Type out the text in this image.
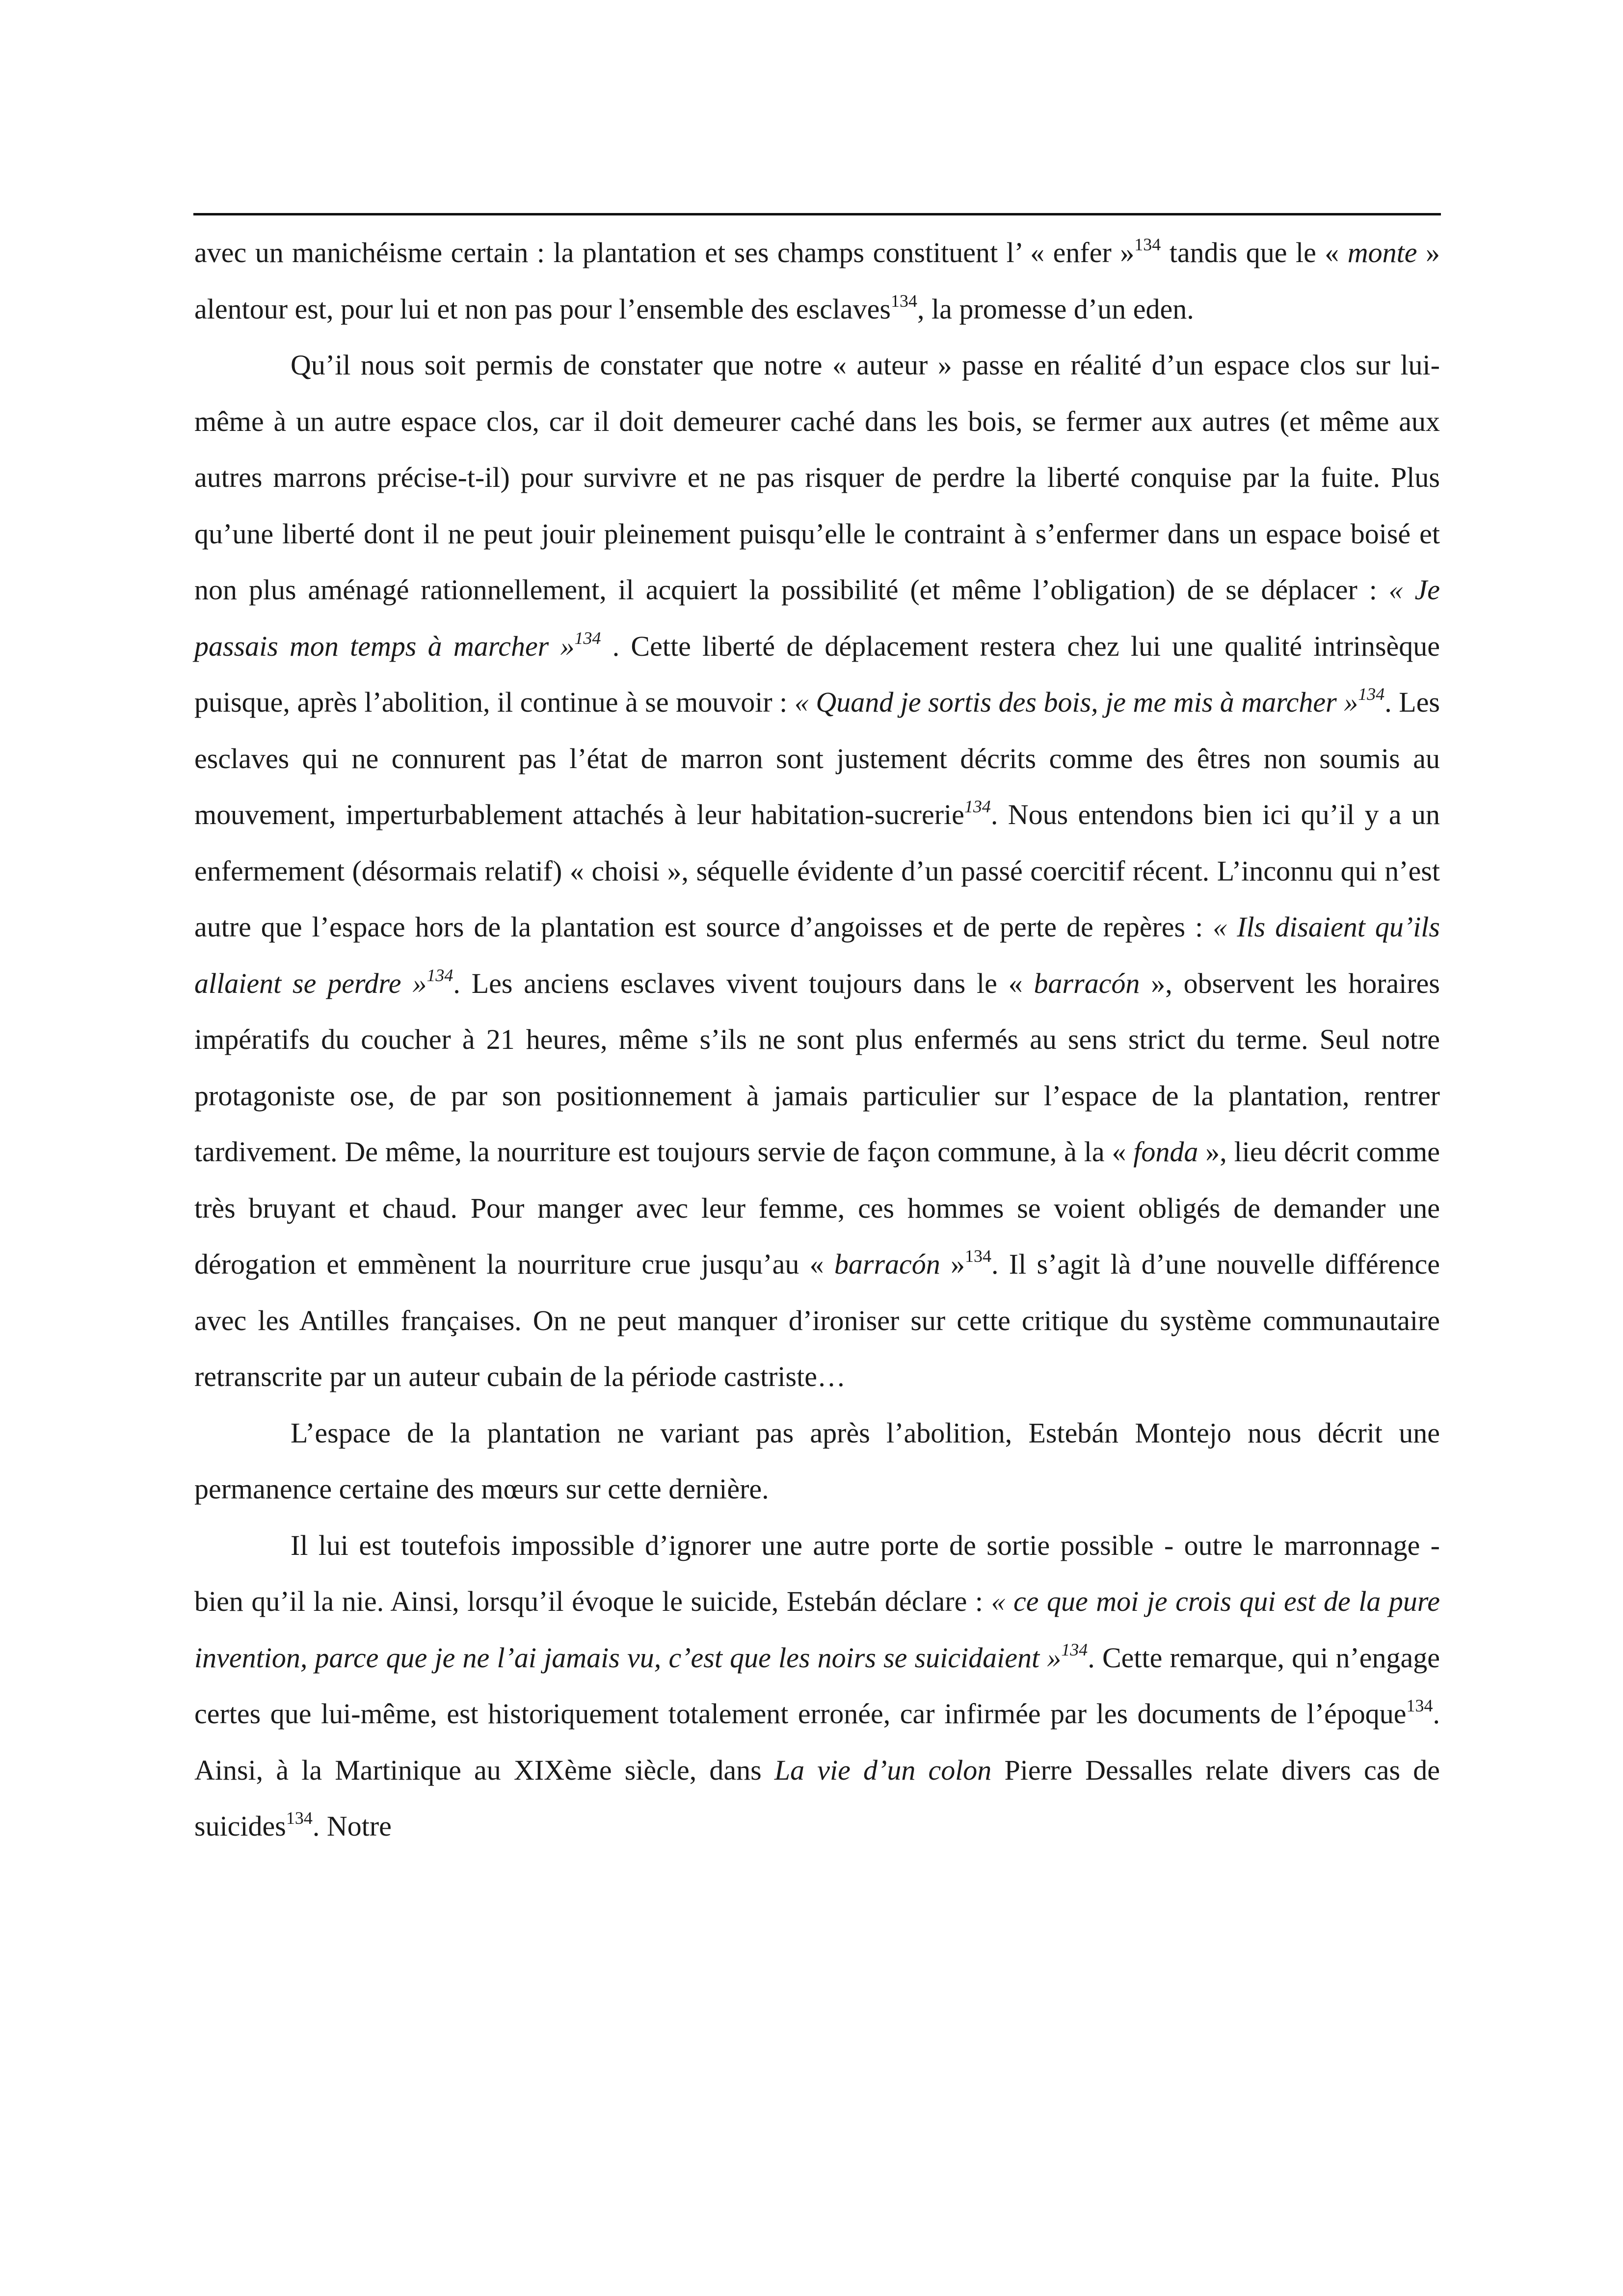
avec un manichéisme certain : la plantation et ses champs constituent l’ « enfer »$^{134}$ tandis que le « monte » alentour est, pour lui et non pas pour l’ensemble des esclaves$^{134}$, la promesse d’un eden.

Qu’il nous soit permis de constater que notre « auteur » passe en réalité d’un espace clos sur lui-même à un autre espace clos, car il doit demeurer caché dans les bois, se fermer aux autres (et même aux autres marrons précise-t-il) pour survivre et ne pas risquer de perdre la liberté conquise par la fuite. Plus qu’une liberté dont il ne peut jouir pleinement puisqu’elle le contraint à s’enfermer dans un espace boisé et non plus aménagé rationnellement, il acquiert la possibilité (et même l’obligation) de se déplacer : « Je passais mon temps à marcher »$^{134}$ . Cette liberté de déplacement restera chez lui une qualité intrinsèque puisque, après l’abolition, il continue à se mouvoir : « Quand je sortis des bois, je me mis à marcher »$^{134}$. Les esclaves qui ne connurent pas l’état de marron sont justement décrits comme des êtres non soumis au mouvement, imperturbablement attachés à leur habitation-sucrerie$^{134}$. Nous entendons bien ici qu’il y a un enfermement (désormais relatif) « choisi », séquelle évidente d’un passé coercitif récent. L’inconnu qui n’est autre que l’espace hors de la plantation est source d’angoisses et de perte de repères : « Ils disaient qu’ils allaient se perdre »$^{134}$. Les anciens esclaves vivent toujours dans le « barracón », observent les horaires impératifs du coucher à 21 heures, même s’ils ne sont plus enfermés au sens strict du terme. Seul notre protagoniste ose, de par son positionnement à jamais particulier sur l’espace de la plantation, rentrer tardivement. De même, la nourriture est toujours servie de façon commune, à la « fonda », lieu décrit comme très bruyant et chaud. Pour manger avec leur femme, ces hommes se voient obligés de demander une dérogation et emmènent la nourriture crue jusqu’au « barracón »$^{134}$. Il s’agit là d’une nouvelle différence avec les Antilles françaises. On ne peut manquer d’ironiser sur cette critique du système communautaire retranscrite par un auteur cubain de la période castriste…

L’espace de la plantation ne variant pas après l’abolition, Estebán Montejo nous décrit une permanence certaine des mœurs sur cette dernière.

Il lui est toutefois impossible d’ignorer une autre porte de sortie possible - outre le marronnage - bien qu’il la nie. Ainsi, lorsqu’il évoque le suicide, Estebán déclare : « ce que moi je crois qui est de la pure invention, parce que je ne l’ai jamais vu, c’est que les noirs se suicidaient »$^{134}$. Cette remarque, qui n’engage certes que lui-même, est historiquement totalement erronée, car infirmée par les documents de l’époque$^{134}$. Ainsi, à la Martinique au XIXème siècle, dans La vie d’un colon Pierre Dessalles relate divers cas de suicides$^{134}$. Notre
